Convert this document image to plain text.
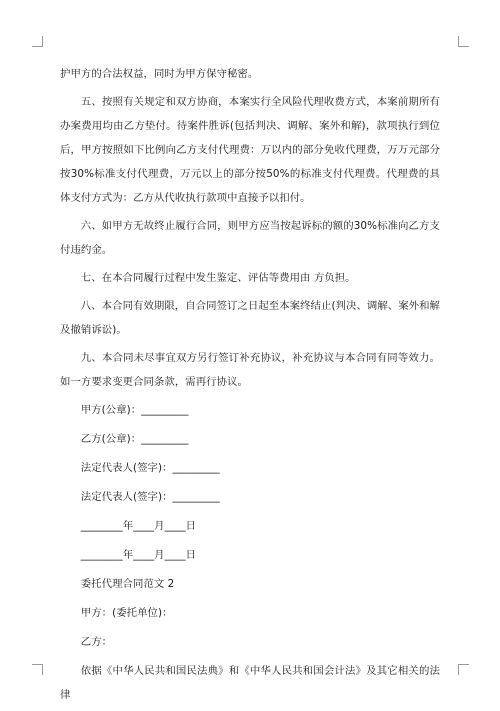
护甲方的合法权益，同时为甲方保守秘密。

五、按照有关规定和双方协商，本案实行全风险代理收费方式，本案前期所有办案费用均由乙方垫付。待案件胜诉(包括判决、调解、案外和解)，款项执行到位后，甲方按照如下比例向乙方支付代理费：万以内的部分免收代理费，万万元部分按30%标准支付代理费，万元以上的部分按50%的标准支付代理费。代理费的具体支付方式为：乙方从代收执行款项中直接予以扣付。

六、如甲方无故终止履行合同，则甲方应当按起诉标的额的30%标准向乙方支付违约金。

七、在本合同履行过程中发生鉴定、评估等费用由 方负担。

八、本合同有效期限，自合同签订之日起至本案终结止(判决、调解、案外和解及撤销诉讼)。

九、本合同未尽事宜双方另行签订补充协议，补充协议与本合同有同等效力。如一方要求变更合同条款，需再行协议。

甲方(公章)：_________

乙方(公章)：_________

法定代表人(签字)：_________

法定代表人(签字)：_________

________年____月____日

________年____月____日

委托代理合同范文 2

甲方：(委托单位)：

乙方：

依据《中华人民共和国民法典》和《中华人民共和国会计法》及其它相关的法律
